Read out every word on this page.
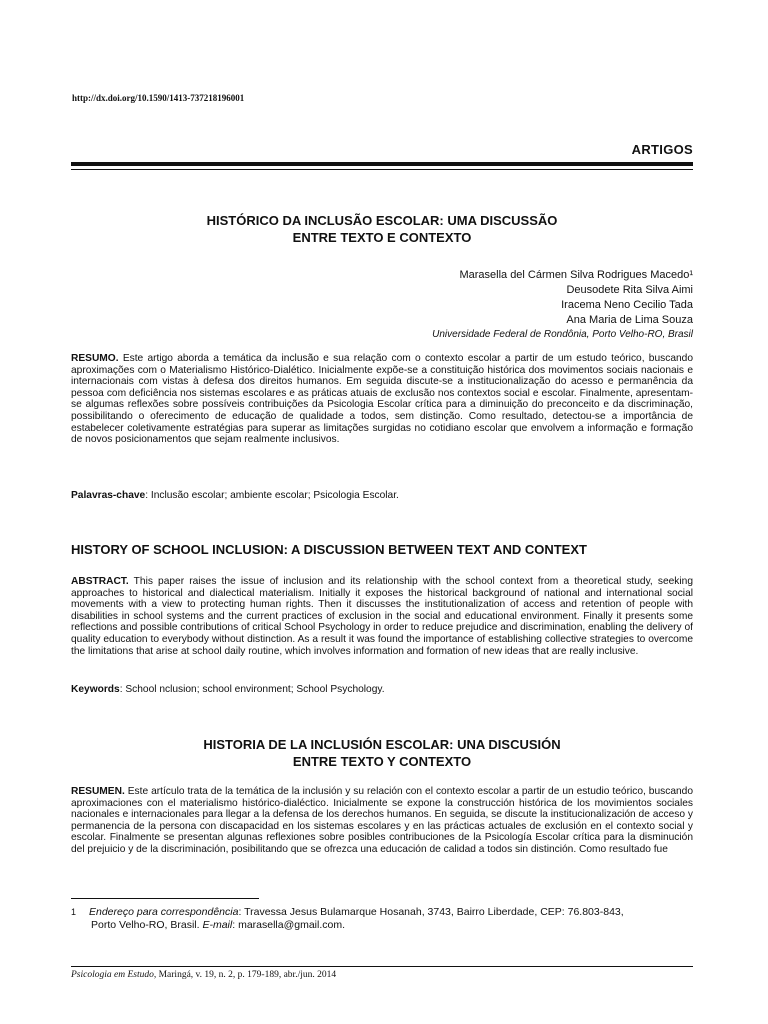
http://dx.doi.org/10.1590/1413-737218196001
ARTIGOS
HISTÓRICO DA INCLUSÃO ESCOLAR: UMA DISCUSSÃO
ENTRE TEXTO E CONTEXTO
Marasella del Cármen Silva Rodrigues Macedo¹
Deusodete Rita Silva Aimi
Iracema Neno Cecilio Tada
Ana Maria de Lima Souza
Universidade Federal de Rondônia, Porto Velho-RO, Brasil
RESUMO. Este artigo aborda a temática da inclusão e sua relação com o contexto escolar a partir de um estudo teórico, buscando aproximações com o Materialismo Histórico-Dialético. Inicialmente expõe-se a constituição histórica dos movimentos sociais nacionais e internacionais com vistas à defesa dos direitos humanos. Em seguida discute-se a institucionalização do acesso e permanência da pessoa com deficiência nos sistemas escolares e as práticas atuais de exclusão nos contextos social e escolar. Finalmente, apresentam-se algumas reflexões sobre possíveis contribuições da Psicologia Escolar crítica para a diminuição do preconceito e da discriminação, possibilitando o oferecimento de educação de qualidade a todos, sem distinção. Como resultado, detectou-se a importância de estabelecer coletivamente estratégias para superar as limitações surgidas no cotidiano escolar que envolvem a informação e formação de novos posicionamentos que sejam realmente inclusivos.
Palavras-chave: Inclusão escolar; ambiente escolar; Psicologia Escolar.
HISTORY OF SCHOOL INCLUSION: A DISCUSSION BETWEEN TEXT AND CONTEXT
ABSTRACT. This paper raises the issue of inclusion and its relationship with the school context from a theoretical study, seeking approaches to historical and dialectical materialism. Initially it exposes the historical background of national and international social movements with a view to protecting human rights. Then it discusses the institutionalization of access and retention of people with disabilities in school systems and the current practices of exclusion in the social and educational environment. Finally it presents some reflections and possible contributions of critical School Psychology in order to reduce prejudice and discrimination, enabling the delivery of quality education to everybody without distinction. As a result it was found the importance of establishing collective strategies to overcome the limitations that arise at school daily routine, which involves information and formation of new ideas that are really inclusive.
Keywords: School nclusion; school environment; School Psychology.
HISTORIA DE LA INCLUSIÓN ESCOLAR: UNA DISCUSIÓN
ENTRE TEXTO Y CONTEXTO
RESUMEN. Este artículo trata de la temática de la inclusión y su relación con el contexto escolar a partir de un estudio teórico, buscando aproximaciones con el materialismo histórico-dialéctico. Inicialmente se expone la construcción histórica de los movimientos sociales nacionales e internacionales para llegar a la defensa de los derechos humanos. En seguida, se discute la institucionalización de acceso y permanencia de la persona con discapacidad en los sistemas escolares y en las prácticas actuales de exclusión en el contexto social y escolar. Finalmente se presentan algunas reflexiones sobre posibles contribuciones de la Psicología Escolar crítica para la disminución del prejuicio y de la discriminación, posibilitando que se ofrezca una educación de calidad a todos sin distinción. Como resultado fue
1 Endereço para correspondência: Travessa Jesus Bulamarque Hosanah, 3743, Bairro Liberdade, CEP: 76.803-843,
Porto Velho-RO, Brasil. E-mail: marasella@gmail.com.
Psicologia em Estudo, Maringá, v. 19, n. 2, p. 179-189, abr./jun. 2014
